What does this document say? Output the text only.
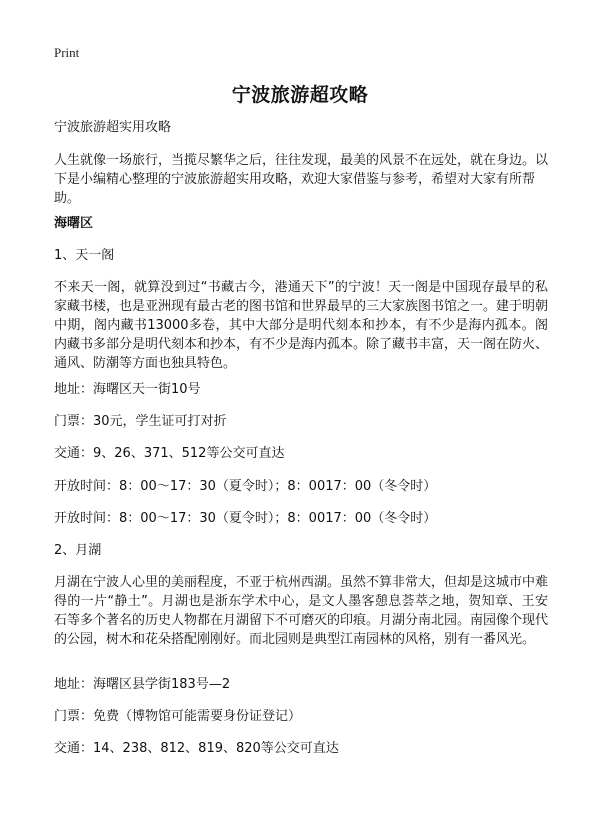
Print
宁波旅游超攻略

宁波旅游超实用攻略

人生就像一场旅行，当揽尽繁华之后，往往发现，最美的风景不在远处，就在身边。以下是小编精心整理的宁波旅游超实用攻略，欢迎大家借鉴与参考，希望对大家有所帮助。

海曙区

1、天一阁

不来天一阁，就算没到过“书藏古今，港通天下”的宁波！天一阁是中国现存最早的私家藏书楼，也是亚洲现有最古老的图书馆和世界最早的三大家族图书馆之一。建于明朝中期，阁内藏书13000多卷，其中大部分是明代刻本和抄本，有不少是海内孤本。阁内藏书多部分是明代刻本和抄本，有不少是海内孤本。除了藏书丰富，天一阁在防火、通风、防潮等方面也独具特色。

地址：海曙区天一街10号

门票：30元，学生证可打对折

交通：9、26、371、512等公交可直达

开放时间：8：00～17：30（夏令时）；8：0017：00（冬令时）

开放时间：8：00～17：30（夏令时）；8：0017：00（冬令时）

2、月湖

月湖在宁波人心里的美丽程度，不亚于杭州西湖。虽然不算非常大，但却是这城市中难得的一片“静土”。月湖也是浙东学术中心，是文人墨客憩息荟萃之地，贺知章、王安石等多个著名的历史人物都在月湖留下不可磨灭的印痕。月湖分南北园。南园像个现代的公园，树木和花朵搭配刚刚好。而北园则是典型江南园林的风格，别有一番风光。

地址：海曙区县学街183号—2

门票：免费（博物馆可能需要身份证登记）

交通：14、238、812、819、820等公交可直达
